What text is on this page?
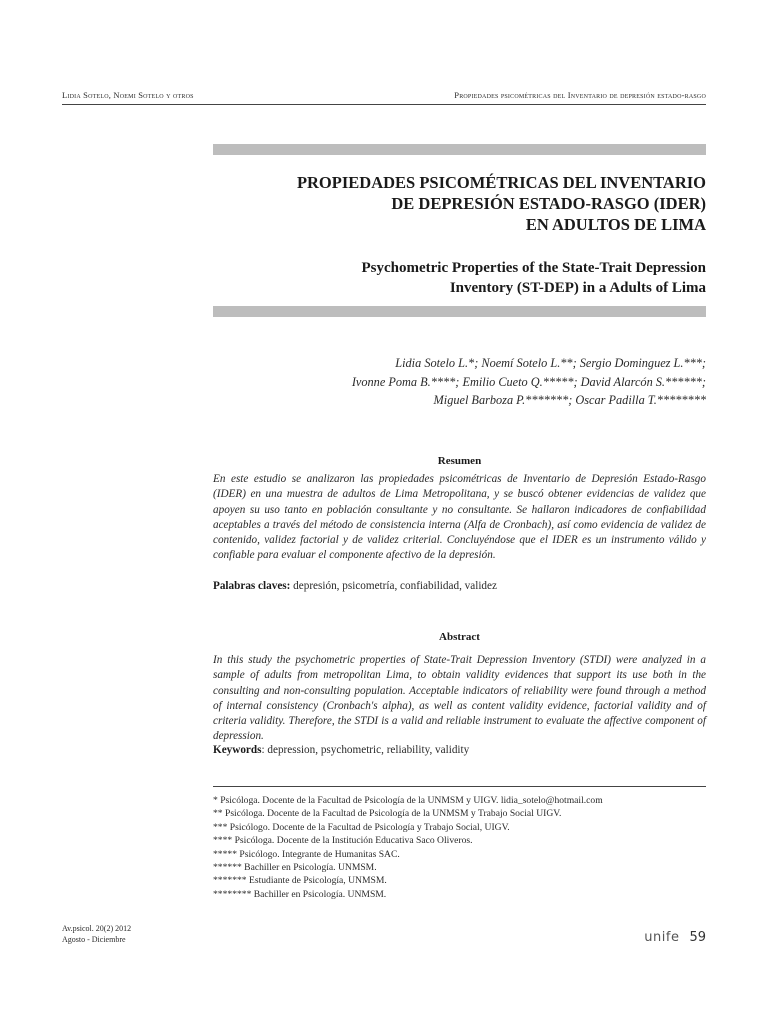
Lidia Sotelo, Noemi Sotelo y otros	Propiedades psicométricas del Inventario de depresión estado-rasgo
PROPIEDADES PSICOMÉTRICAS DEL INVENTARIO
DE DEPRESIÓN ESTADO-RASGO (IDER)
EN ADULTOS DE LIMA
Psychometric Properties of the State-Trait Depression
Inventory (ST-DEP) in a Adults of Lima
Lidia Sotelo L.*; Noemí Sotelo L.**; Sergio Dominguez L.***;
Ivonne Poma B.****; Emilio Cueto Q.*****; David Alarcón S.******;
Miguel Barboza P.*******; Oscar Padilla T.********
Resumen

En este estudio se analizaron las propiedades psicométricas de Inventario de Depresión Estado-Rasgo (IDER) en una muestra de adultos de Lima Metropolitana, y se buscó obtener evidencias de validez que apoyen su uso tanto en población consultante y no consultante. Se hallaron indicadores de confiabilidad aceptables a través del método de consistencia interna (Alfa de Cronbach), así como evidencia de validez de contenido, validez factorial y de validez criterial. Concluyéndose que el IDER es un instrumento válido y confiable para evaluar el componente afectivo de la depresión.

Palabras claves: depresión, psicometría, confiabilidad, validez
Abstract

In this study the psychometric properties of State-Trait Depression Inventory (STDI) were analyzed in a sample of adults from metropolitan Lima, to obtain validity evidences that support its use both in the consulting and non-consulting population. Acceptable indicators of reliability were found through a method of internal consistency (Cronbach's alpha), as well as content validity evidence, factorial validity and of criteria validity. Therefore, the STDI is a valid and reliable instrument to evaluate the affective component of depression.

Keywords: depression, psychometric, reliability, validity
* Psicóloga. Docente de la Facultad de Psicología de la UNMSM y UIGV. lidia_sotelo@hotmail.com
** Psicóloga. Docente de la Facultad de Psicología de la UNMSM y Trabajo Social UIGV.
*** Psicólogo. Docente de la Facultad de Psicología y Trabajo Social, UIGV.
**** Psicóloga. Docente de la Institución Educativa Saco Oliveros.
***** Psicólogo. Integrante de Humanitas SAC.
****** Bachiller en Psicología. UNMSM.
******* Estudiante de Psicología, UNMSM.
******** Bachiller en Psicología. UNMSM.
Av.psicol. 20(2) 2012
Agosto - Diciembre	unife 59
